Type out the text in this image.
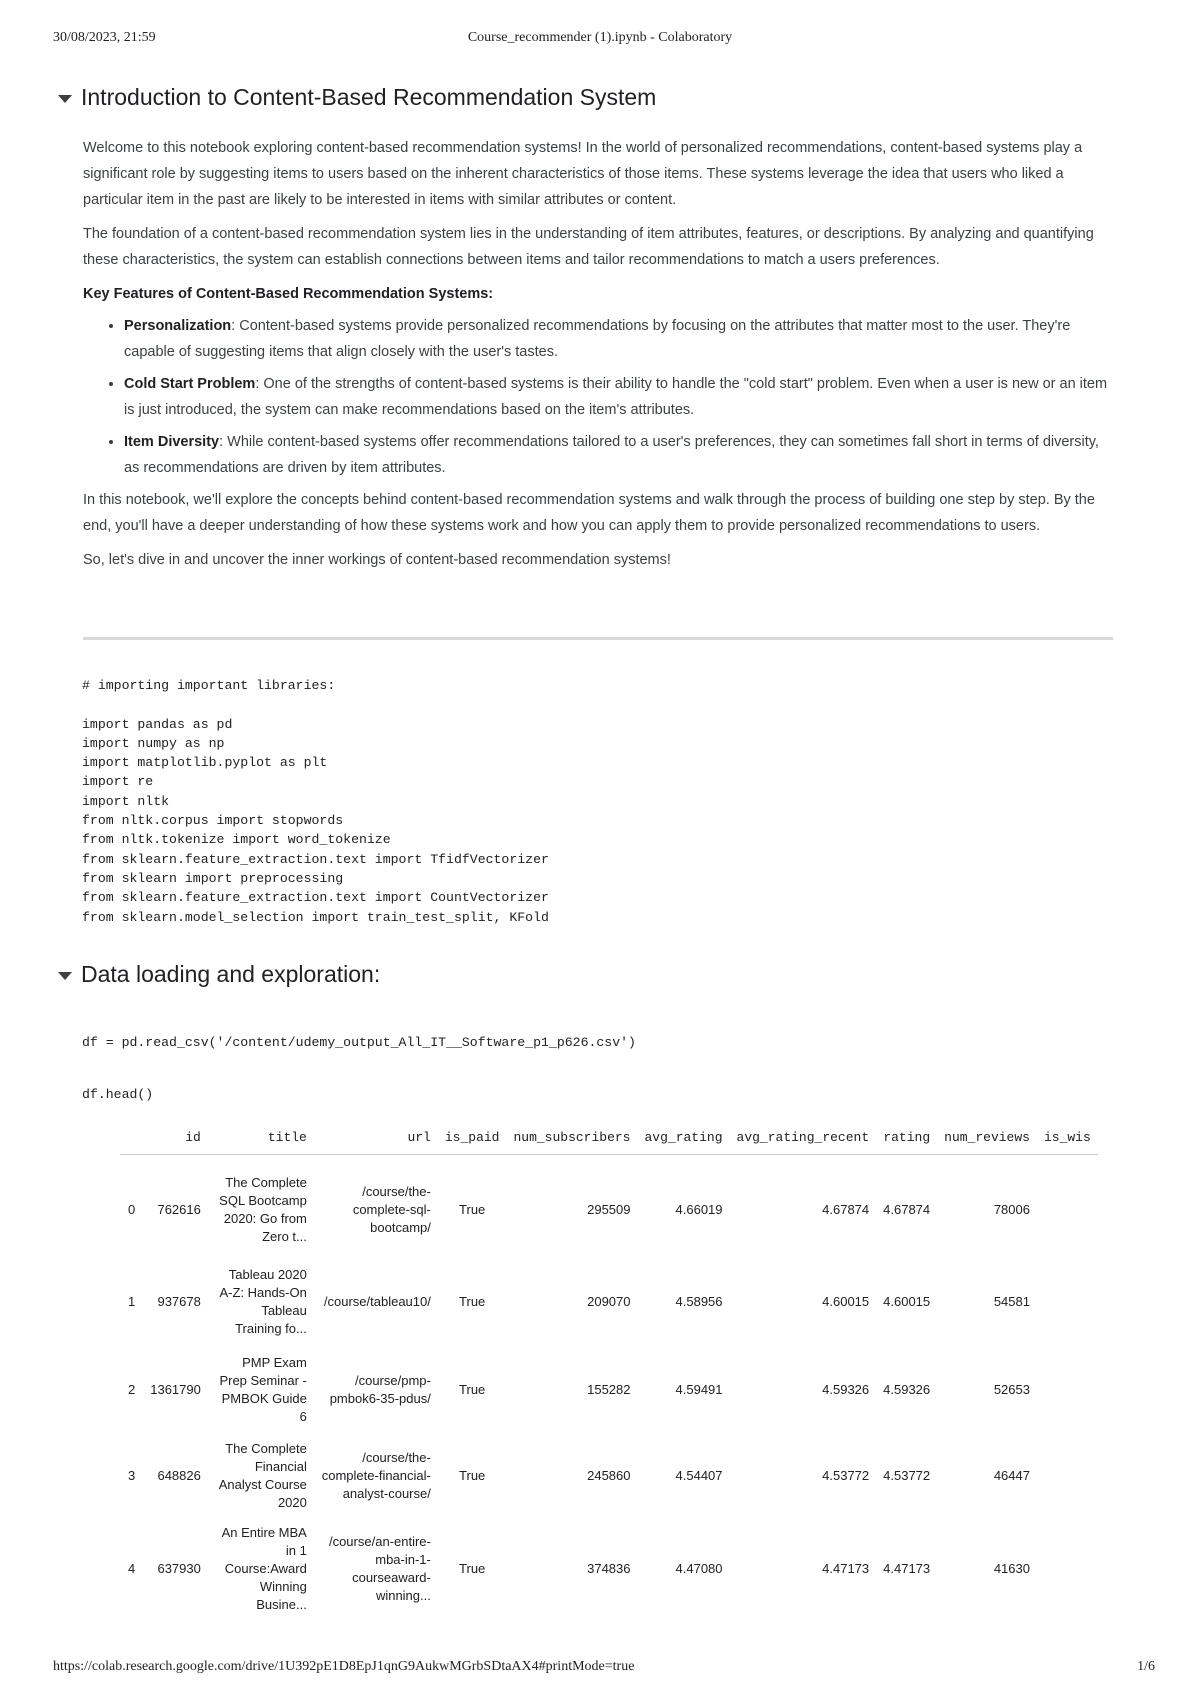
30/08/2023, 21:59	Course_recommender (1).ipynb - Colaboratory
Introduction to Content-Based Recommendation System

Welcome to this notebook exploring content-based recommendation systems! In the world of personalized recommendations, content-based systems play a significant role by suggesting items to users based on the inherent characteristics of those items. These systems leverage the idea that users who liked a particular item in the past are likely to be interested in items with similar attributes or content.

The foundation of a content-based recommendation system lies in the understanding of item attributes, features, or descriptions. By analyzing and quantifying these characteristics, the system can establish connections between items and tailor recommendations to match a users preferences.

Key Features of Content-Based Recommendation Systems:

• Personalization: Content-based systems provide personalized recommendations by focusing on the attributes that matter most to the user. They're capable of suggesting items that align closely with the user's tastes.
• Cold Start Problem: One of the strengths of content-based systems is their ability to handle the "cold start" problem. Even when a user is new or an item is just introduced, the system can make recommendations based on the item's attributes.
• Item Diversity: While content-based systems offer recommendations tailored to a user's preferences, they can sometimes fall short in terms of diversity, as recommendations are driven by item attributes.

In this notebook, we'll explore the concepts behind content-based recommendation systems and walk through the process of building one step by step. By the end, you'll have a deeper understanding of how these systems work and how you can apply them to provide personalized recommendations to users.

So, let's dive in and uncover the inner workings of content-based recommendation systems!

# importing important libraries:

import pandas as pd
import numpy as np
import matplotlib.pyplot as plt
import re
import nltk
from nltk.corpus import stopwords
from nltk.tokenize import word_tokenize
from sklearn.feature_extraction.text import TfidfVectorizer
from sklearn import preprocessing
from sklearn.feature_extraction.text import CountVectorizer
from sklearn.model_selection import train_test_split, KFold
Data loading and exploration:
df = pd.read_csv('/content/udemy_output_All_IT__Software_p1_p626.csv')
df.head()
	id	title	url	is_paid	num_subscribers	avg_rating	avg_rating_recent	rating	num_reviews	is_wis
0	762616	The Complete SQL Bootcamp 2020: Go from Zero t...	/course/the-complete-sql-bootcamp/	True	295509	4.66019	4.67874	4.67874	78006	
1	937678	Tableau 2020 A-Z: Hands-On Tableau Training fo...	/course/tableau10/	True	209070	4.58956	4.60015	4.60015	54581	
2	1361790	PMP Exam Prep Seminar - PMBOK Guide 6	/course/pmp-pmbok6-35-pdus/	True	155282	4.59491	4.59326	4.59326	52653	
3	648826	The Complete Financial Analyst Course 2020	/course/the-complete-financial-analyst-course/	True	245860	4.54407	4.53772	4.53772	46447	
4	637930	An Entire MBA in 1 Course:Award Winning Busine...	/course/an-entire-mba-in-1-courseaward-winning...	True	374836	4.47080	4.47173	4.47173	41630	
https://colab.research.google.com/drive/1U392pE1D8EpJ1qnG9AukwMGrbSDtaAX4#printMode=true	1/6
